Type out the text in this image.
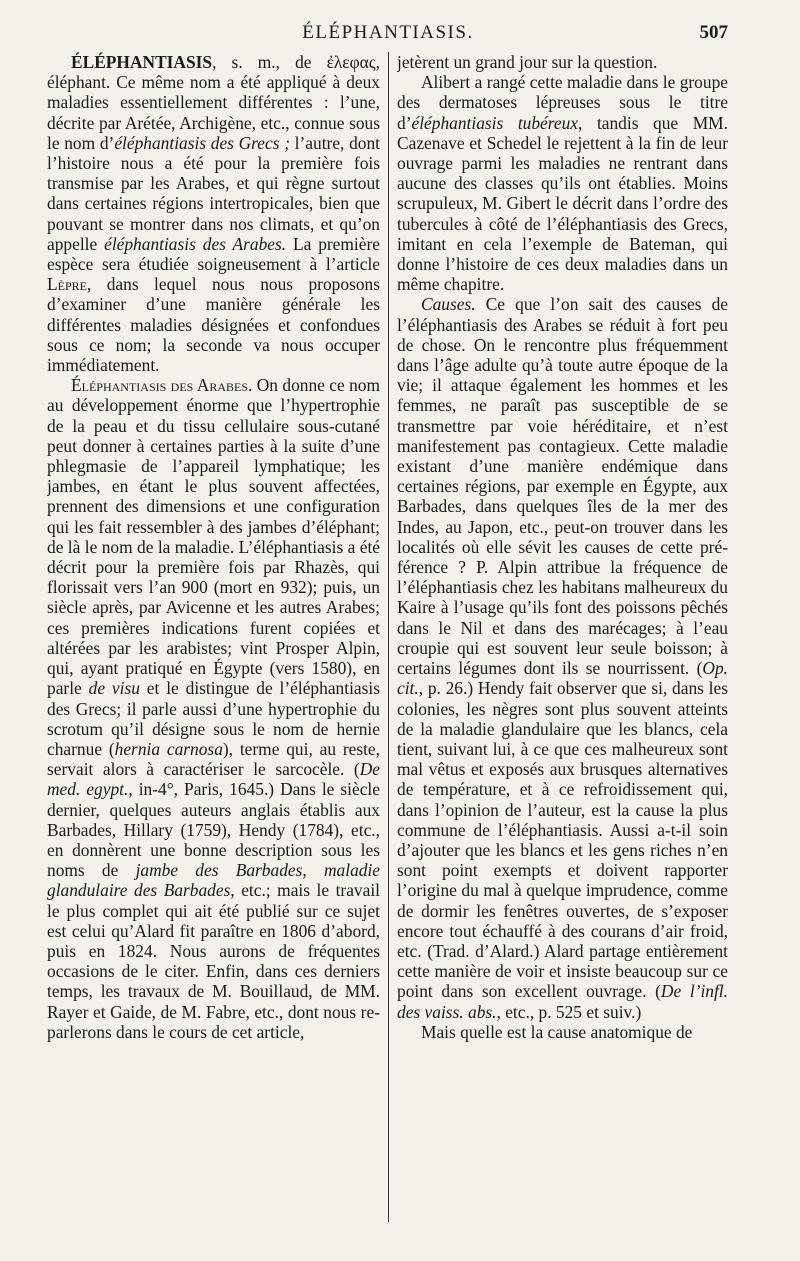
ÉLÉPHANTIASIS.	507

ÉLÉPHANTIASIS, s. m., de ἐλεφας, éléphant. Ce même nom a été appliqué à deux maladies essentiellement différentes : l’une, décrite par Arétée, Archigène, etc., connue sous le nom d’éléphantiasis des Grecs ; l’autre, dont l’histoire nous a été pour la première fois transmise par les Arabes, et qui règne surtout dans certaines régions intertropicales, bien que pouvant se montrer dans nos climats, et qu’on appelle éléphantiasis des Arabes. La première espèce sera étudiée soigneusement à l’article Lèpre, dans lequel nous nous proposons d’examiner d’une manière générale les différentes maladies désignées et confondues sous ce nom; la seconde va nous occuper immédiatement.

Éléphantiasis des Arabes. On donne ce nom au développement énorme que l’hypertrophie de la peau et du tissu cellulaire sous-cutané peut donner à certaines parties à la suite d’une phlegmasie de l’appareil lymphatique; les jambes, en étant le plus souvent affectées, prennent des dimensions et une configuration qui les fait ressembler à des jambes d’éléphant; de là le nom de la maladie. L’éléphantiasis a été décrit pour la première fois par Rhazès, qui florissait vers l’an 900 (mort en 932); puis, un siècle après, par Avicenne et les autres Arabes; ces premières indications furent copiées et altérées par les arabistes; vint Prosper Alpin, qui, ayant pratiqué en Égypte (vers 1580), en parle de visu et le distingue de l’éléphantiasis des Grecs; il parle aussi d’une hypertrophie du scrotum qu’il désigne sous le nom de hernie charnue (hernia carnosa), terme qui, au reste, servait alors à caractériser le sarcocèle. (De med. egypt., in-4°, Paris, 1645.) Dans le siècle dernier, quelques auteurs anglais établis aux Barbades, Hillary (1759), Hendy (1784), etc., en donnèrent une bonne description sous les noms de jambe des Barbades, maladie glandulaire des Barbades, etc.; mais le travail le plus complet qui ait été publié sur ce sujet est celui qu’Alard fit paraître en 1806 d’abord, puis en 1824. Nous aurons de fréquentes occasions de le citer. Enfin, dans ces derniers temps, les travaux de M. Bouillaud, de MM. Rayer et Gaide, de M. Fabre, etc., dont nous reparlerons dans le cours de cet article,

jetèrent un grand jour sur la question.

Alibert a rangé cette maladie dans le groupe des dermatoses lépreuses sous le titre d’éléphantiasis tubéreux, tandis que MM. Cazenave et Schedel le rejettent à la fin de leur ouvrage parmi les maladies ne rentrant dans aucune des classes qu’ils ont établies. Moins scrupuleux, M. Gibert le décrit dans l’ordre des tubercules à côté de l’éléphantiasis des Grecs, imitant en cela l’exemple de Bateman, qui donne l’histoire de ces deux maladies dans un même chapitre.

Causes. Ce que l’on sait des causes de l’éléphantiasis des Arabes se réduit à fort peu de chose. On le rencontre plus fréquemment dans l’âge adulte qu’à toute autre époque de la vie; il attaque également les hommes et les femmes, ne paraît pas susceptible de se transmettre par voie héréditaire, et n’est manifestement pas contagieux. Cette maladie existant d’une manière endémique dans certaines régions, par exemple en Égypte, aux Barbades, dans quelques îles de la mer des Indes, au Japon, etc., peut-on trouver dans les localités où elle sévit les causes de cette préférence ? P. Alpin attribue la fréquence de l’éléphantiasis chez les habitans malheureux du Kaire à l’usage qu’ils font des poissons pêchés dans le Nil et dans des marécages; à l’eau croupie qui est souvent leur seule boisson; à certains légumes dont ils se nourrissent. (Op. cit., p. 26.) Hendy fait observer que si, dans les colonies, les nègres sont plus souvent atteints de la maladie glandulaire que les blancs, cela tient, suivant lui, à ce que ces malheureux sont mal vêtus et exposés aux brusques alternatives de température, et à ce refroidissement qui, dans l’opinion de l’auteur, est la cause la plus commune de l’éléphantiasis. Aussi a-t-il soin d’ajouter que les blancs et les gens riches n’en sont point exempts et doivent rapporter l’origine du mal à quelque imprudence, comme de dormir les fenêtres ouvertes, de s’exposer encore tout échauffé à des courans d’air froid, etc. (Trad. d’Alard.) Alard partage entièrement cette manière de voir et insiste beaucoup sur ce point dans son excellent ouvrage. (De l’infl. des vaiss. abs., etc., p. 525 et suiv.)

Mais quelle est la cause anatomique de
